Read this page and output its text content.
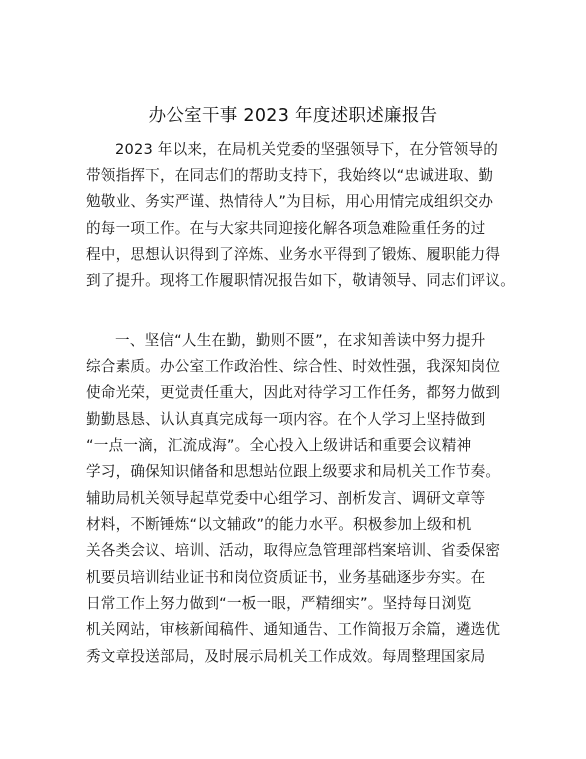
办公室干事 2023 年度述职述廉报告
2023 年以来，在局机关党委的坚强领导下，在分管领导的
带领指挥下，在同志们的帮助支持下，我始终以“忠诚进取、勤
勉敬业、务实严谨、热情待人”为目标，用心用情完成组织交办
的每一项工作。在与大家共同迎接化解各项急难险重任务的过
程中，思想认识得到了淬炼、业务水平得到了锻炼、履职能力得
到了提升。现将工作履职情况报告如下，敬请领导、同志们评议。
一、坚信“人生在勤，勤则不匮”，在求知善读中努力提升
综合素质。办公室工作政治性、综合性、时效性强，我深知岗位
使命光荣，更觉责任重大，因此对待学习工作任务，都努力做到
勤勤恳恳、认认真真完成每一项内容。在个人学习上坚持做到
“一点一滴，汇流成海”。全心投入上级讲话和重要会议精神
学习，确保知识储备和思想站位跟上级要求和局机关工作节奏。
辅助局机关领导起草党委中心组学习、剖析发言、调研文章等
材料，不断锤炼“以文辅政”的能力水平。积极参加上级和机
关各类会议、培训、活动，取得应急管理部档案培训、省委保密
机要员培训结业证书和岗位资质证书，业务基础逐步夯实。在
日常工作上努力做到“一板一眼，严精细实”。坚持每日浏览
机关网站，审核新闻稿件、通知通告、工作简报万余篇，遴选优
秀文章投送部局，及时展示局机关工作成效。每周整理国家局
